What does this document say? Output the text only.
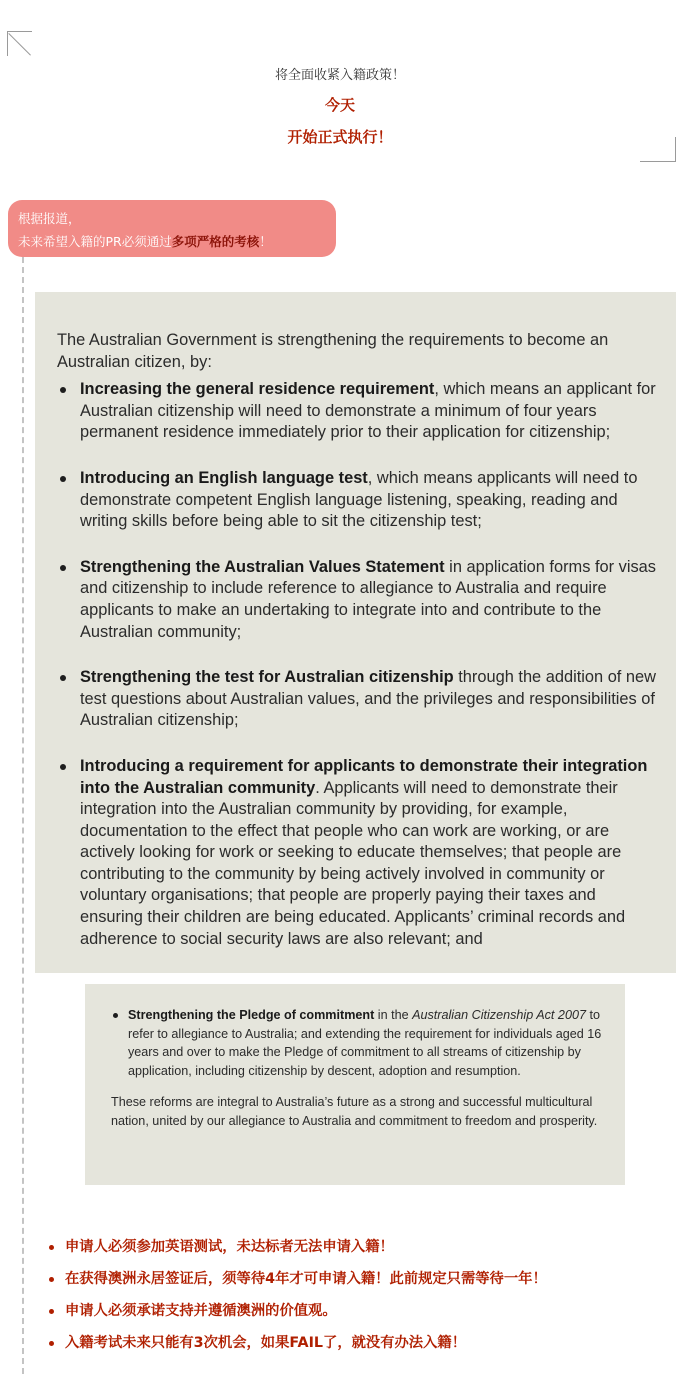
将全面收紧入籍政策！
今天
开始正式执行！
根据报道，
未来希望入籍的PR必须通过多项严格的考核！

The Australian Government is strengthening the requirements to become an Australian citizen, by:

Increasing the general residence requirement, which means an applicant for Australian citizenship will need to demonstrate a minimum of four years permanent residence immediately prior to their application for citizenship;
Introducing an English language test, which means applicants will need to demonstrate competent English language listening, speaking, reading and writing skills before being able to sit the citizenship test;
Strengthening the Australian Values Statement in application forms for visas and citizenship to include reference to allegiance to Australia and require applicants to make an undertaking to integrate into and contribute to the Australian community;
Strengthening the test for Australian citizenship through the addition of new test questions about Australian values, and the privileges and responsibilities of Australian citizenship;
Introducing a requirement for applicants to demonstrate their integration into the Australian community. Applicants will need to demonstrate their integration into the Australian community by providing, for example, documentation to the effect that people who can work are working, or are actively looking for work or seeking to educate themselves; that people are contributing to the community by being actively involved in community or voluntary organisations; that people are properly paying their taxes and ensuring their children are being educated. Applicants’ criminal records and adherence to social security laws are also relevant; and
Strengthening the Pledge of commitment in the Australian Citizenship Act 2007 to refer to allegiance to Australia; and extending the requirement for individuals aged 16 years and over to make the Pledge of commitment to all streams of citizenship by application, including citizenship by descent, adoption and resumption.

These reforms are integral to Australia’s future as a strong and successful multicultural nation, united by our allegiance to Australia and commitment to freedom and prosperity.

申请人必须参加英语测试，未达标者无法申请入籍！
在获得澳洲永居签证后，须等待4年才可申请入籍！此前规定只需等待一年！
申请人必须承诺支持并遵循澳洲的价值观。
入籍考试未来只能有3次机会，如果FAIL了，就没有办法入籍！
